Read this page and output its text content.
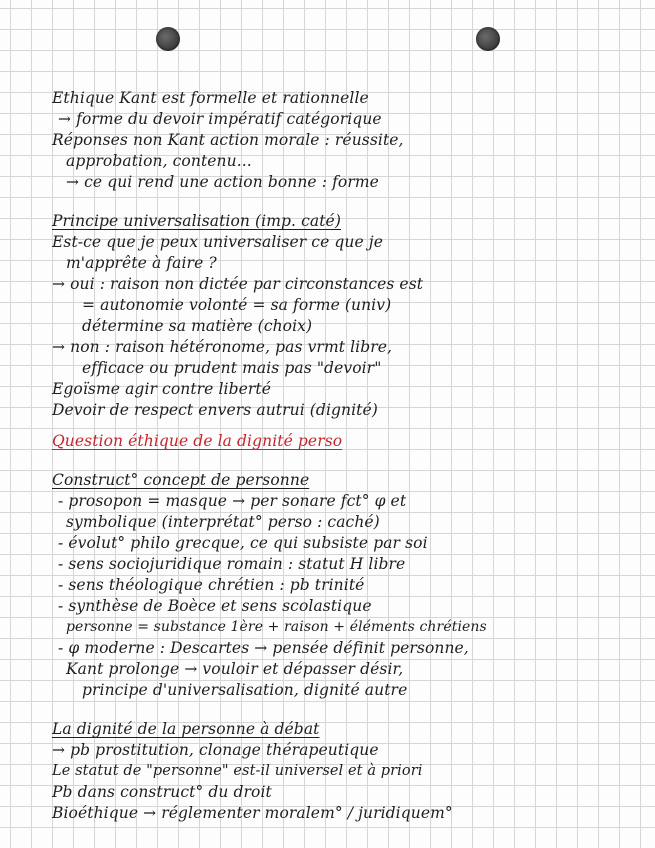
Ethique Kant est formelle et rationnelle
→ forme du devoir impératif catégorique
Réponses non Kant action morale : réussite,
approbation, contenu...
→ ce qui rend une action bonne : forme
Principe universalisation (imp. caté)
Est-ce que je peux universaliser ce que je
m'apprête à faire ?
→ oui : raison non dictée par circonstances est
= autonomie volonté = sa forme (univ)
détermine sa matière (choix)
→ non : raison hétéronome, pas vrmt libre,
efficace ou prudent mais pas "devoir"
Egoïsme agir contre liberté
Devoir de respect envers autrui (dignité)
Question éthique de la dignité perso
Construct° concept de personne
- prosopon = masque → per sonare fct° φ et
symbolique (interprétat° perso : caché)
- évolut° philo grecque, ce qui subsiste par soi
- sens sociojuridique romain : statut H libre
- sens théologique chrétien : pb trinité
- synthèse de Boèce et sens scolastique
personne = substance 1ère + raison + éléments chrétiens
- φ moderne : Descartes → pensée définit personne,
Kant prolonge → vouloir et dépasser désir,
principe d'universalisation, dignité autre
La dignité de la personne à débat
→ pb prostitution, clonage thérapeutique
Le statut de "personne" est-il universel et à priori
Pb dans construct° du droit
Bioéthique → réglementer moralem° / juridiquem°
